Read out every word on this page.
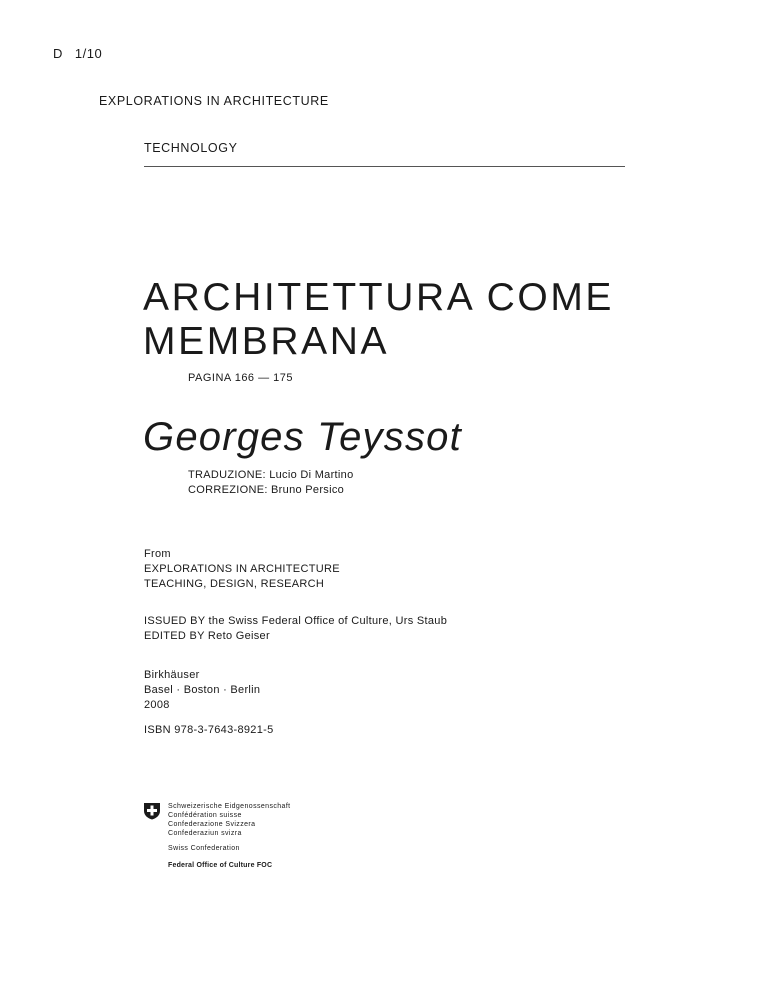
D 1/10
EXPLORATIONS IN ARCHITECTURE
TECHNOLOGY
ARCHITETTURA COME
MEMBRANA
PAGINA 166 — 175
Georges Teyssot
TRADUZIONE: Lucio Di Martino
CORREZIONE: Bruno Persico
From
EXPLORATIONS IN ARCHITECTURE
TEACHING, DESIGN, RESEARCH
ISSUED BY the Swiss Federal Office of Culture, Urs Staub
EDITED BY Reto Geiser
Birkhäuser
Basel · Boston · Berlin
2008
ISBN 978-3-7643-8921-5
Schweizerische Eidgenossenschaft
Confédération suisse
Confederazione Svizzera
Confederaziun svizra
Swiss Confederation
Federal Office of Culture FOC
